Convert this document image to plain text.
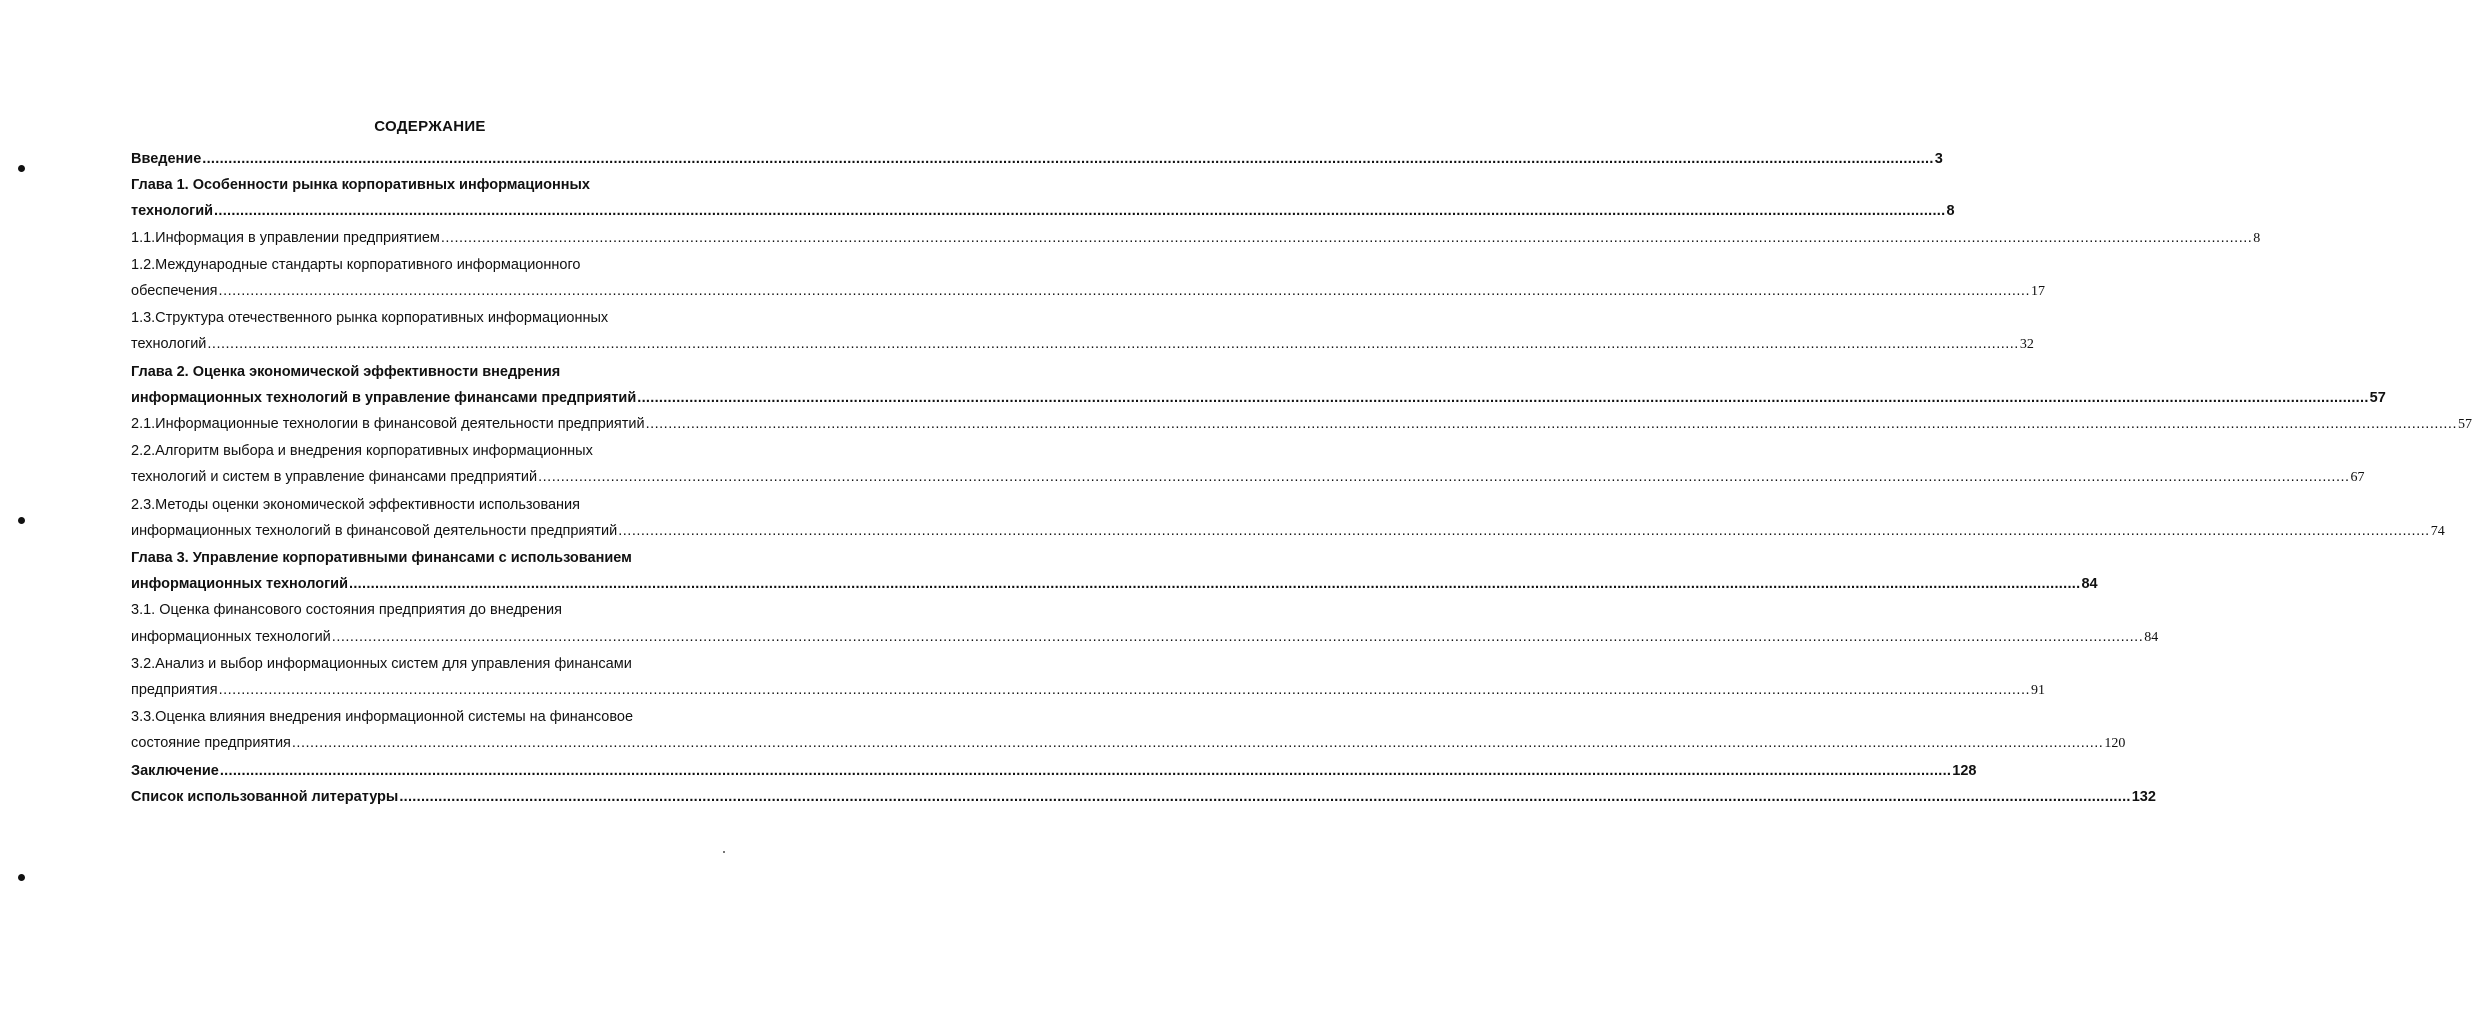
СОДЕРЖАНИЕ
Введение ................................................................................................................................................................................................................................................................................................................................................................................................................ 3
Глава 1. Особенности рынка корпоративных информационных
технологий ................................................................................................................................................................................................................................................................................................................................................................................................................ 8
1.1.Информация в управлении предприятием ................................................................................................................................................................................................................................................................................................................................................................................................................ 8
1.2.Международные стандарты корпоративного информационного
обеспечения ................................................................................................................................................................................................................................................................................................................................................................................................................ 17
1.3.Структура отечественного рынка корпоративных информационных
технологий ................................................................................................................................................................................................................................................................................................................................................................................................................ 32
Глава 2. Оценка экономической эффективности внедрения
информационных технологий в управление финансами предприятий ................................................................................................................................................................................................................................................................................................................................................................................................................ 57
2.1.Информационные технологии в финансовой деятельности предприятий ................................................................................................................................................................................................................................................................................................................................................................................................................ 57
2.2.Алгоритм выбора и внедрения корпоративных информационных
технологий и систем в управление финансами предприятий ................................................................................................................................................................................................................................................................................................................................................................................................................ 67
2.3.Методы оценки экономической эффективности использования
информационных технологий в финансовой деятельности предприятий ................................................................................................................................................................................................................................................................................................................................................................................................................ 74
Глава 3. Управление корпоративными финансами с использованием
информационных технологий ................................................................................................................................................................................................................................................................................................................................................................................................................ 84
3.1. Оценка финансового состояния предприятия до внедрения
информационных технологий ................................................................................................................................................................................................................................................................................................................................................................................................................ 84
3.2.Анализ и выбор информационных систем для управления финансами
предприятия ................................................................................................................................................................................................................................................................................................................................................................................................................ 91
3.3.Оценка влияния внедрения информационной системы на финансовое
состояние предприятия ................................................................................................................................................................................................................................................................................................................................................................................................................ 120
Заключение ................................................................................................................................................................................................................................................................................................................................................................................................................ 128
Список использованной литературы ................................................................................................................................................................................................................................................................................................................................................................................................................ 132
